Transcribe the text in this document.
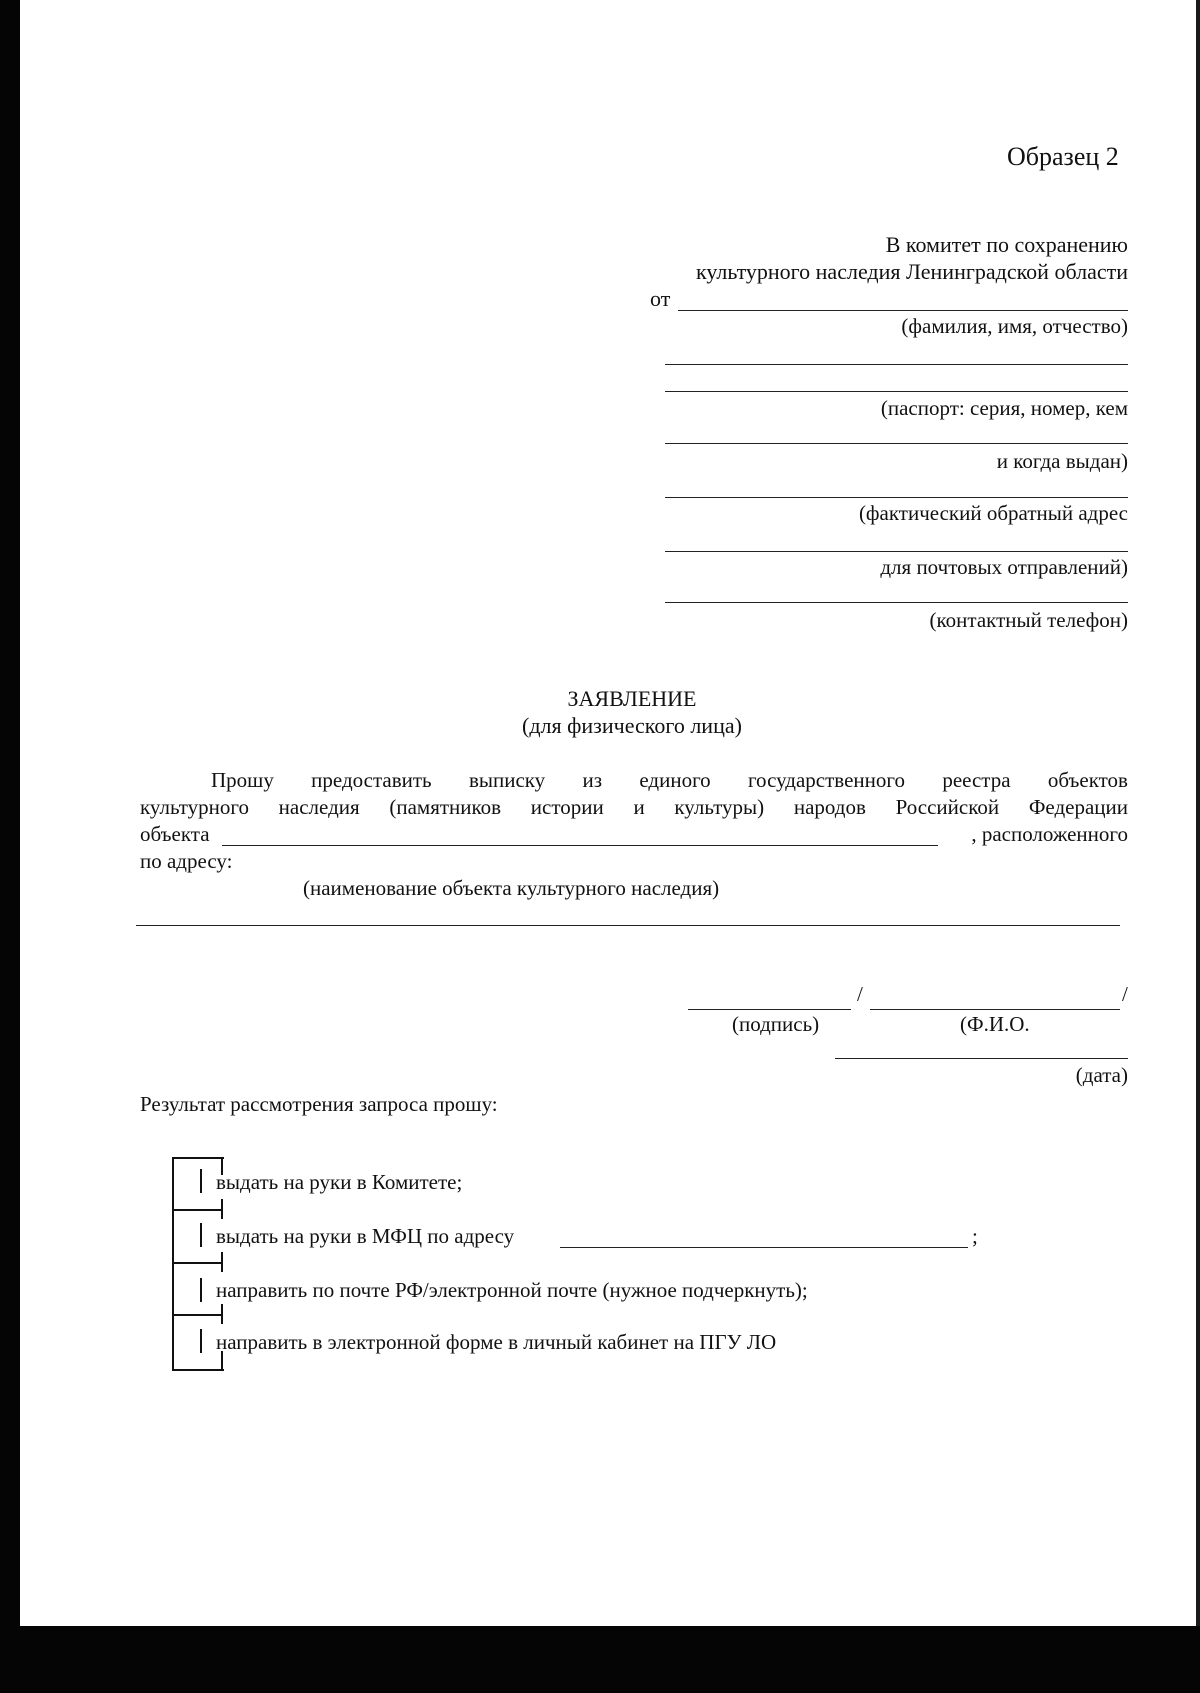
Образец 2
В комитет по сохранению
культурного наследия Ленинградской области
от
(фамилия, имя, отчество)
(паспорт: серия, номер, кем
и когда выдан)
(фактический обратный адрес
для почтовых отправлений)
(контактный телефон)
ЗАЯВЛЕНИЕ
(для физического лица)
Прошу предоставить выписку из единого государственного реестра объектов
культурного наследия (памятников истории и культуры) народов Российской Федерации
объекта	, расположенного
по адресу:
(наименование объекта культурного наследия)
/	/
(подпись)	(Ф.И.О.
(дата)
Результат рассмотрения запроса прошу:
выдать на руки в Комитете;
выдать на руки в МФЦ по адресу	;
направить по почте РФ/электронной почте (нужное подчеркнуть);
направить в электронной форме в личный кабинет на ПГУ ЛО
